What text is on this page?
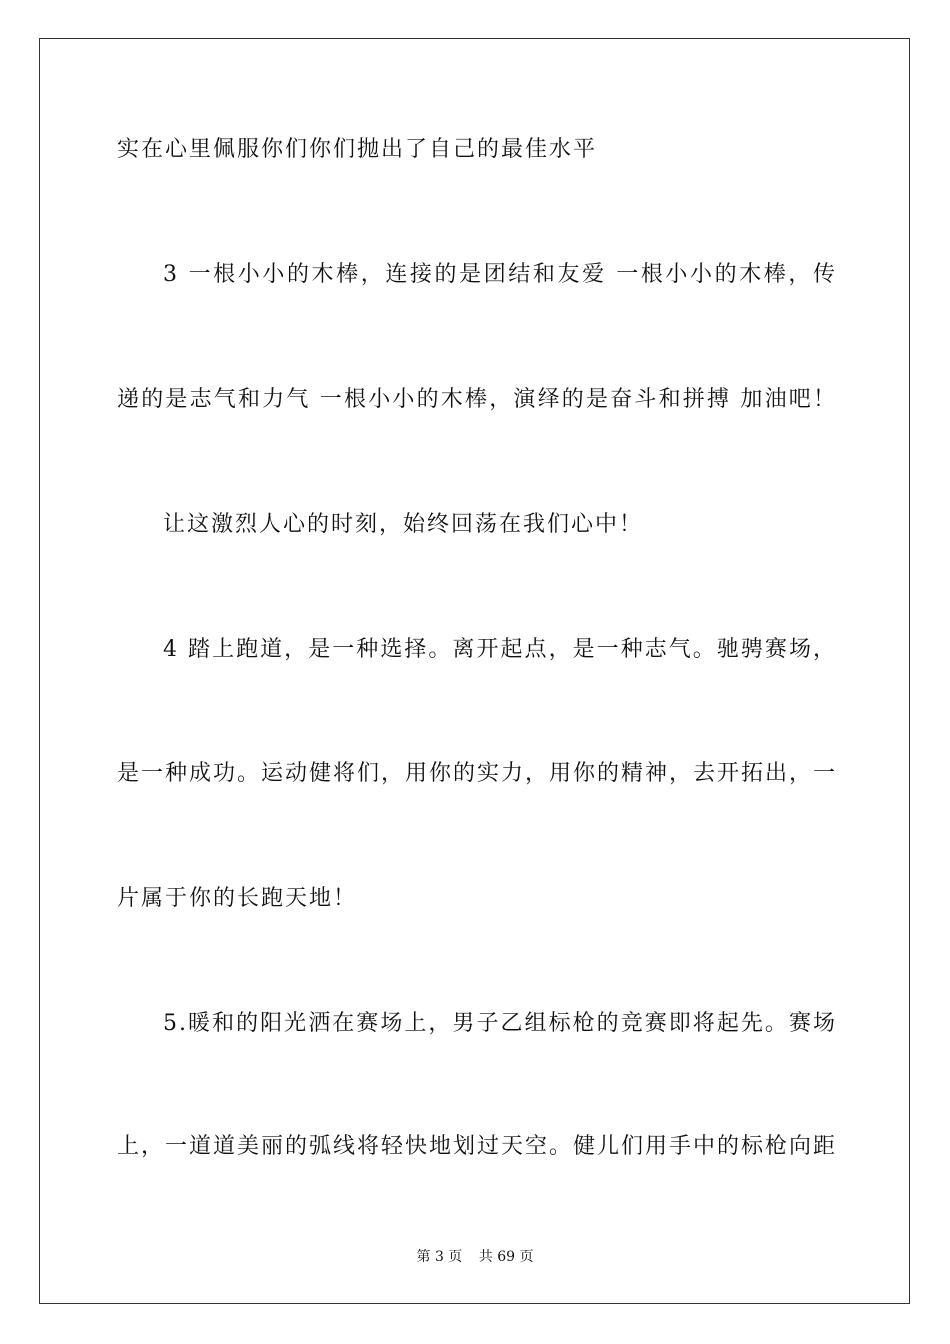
实在心里佩服你们你们抛出了自己的最佳水平
3 一根小小的木棒，连接的是团结和友爱 一根小小的木棒，传
递的是志气和力气 一根小小的木棒，演绎的是奋斗和拼搏 加油吧！
让这激烈人心的时刻，始终回荡在我们心中！
4 踏上跑道，是一种选择。离开起点，是一种志气。驰骋赛场，
是一种成功。运动健将们，用你的实力，用你的精神，去开拓出，一
片属于你的长跑天地！
5.暖和的阳光洒在赛场上，男子乙组标枪的竞赛即将起先。赛场
上，一道道美丽的弧线将轻快地划过天空。健儿们用手中的标枪向距
第 3 页 共 69 页
